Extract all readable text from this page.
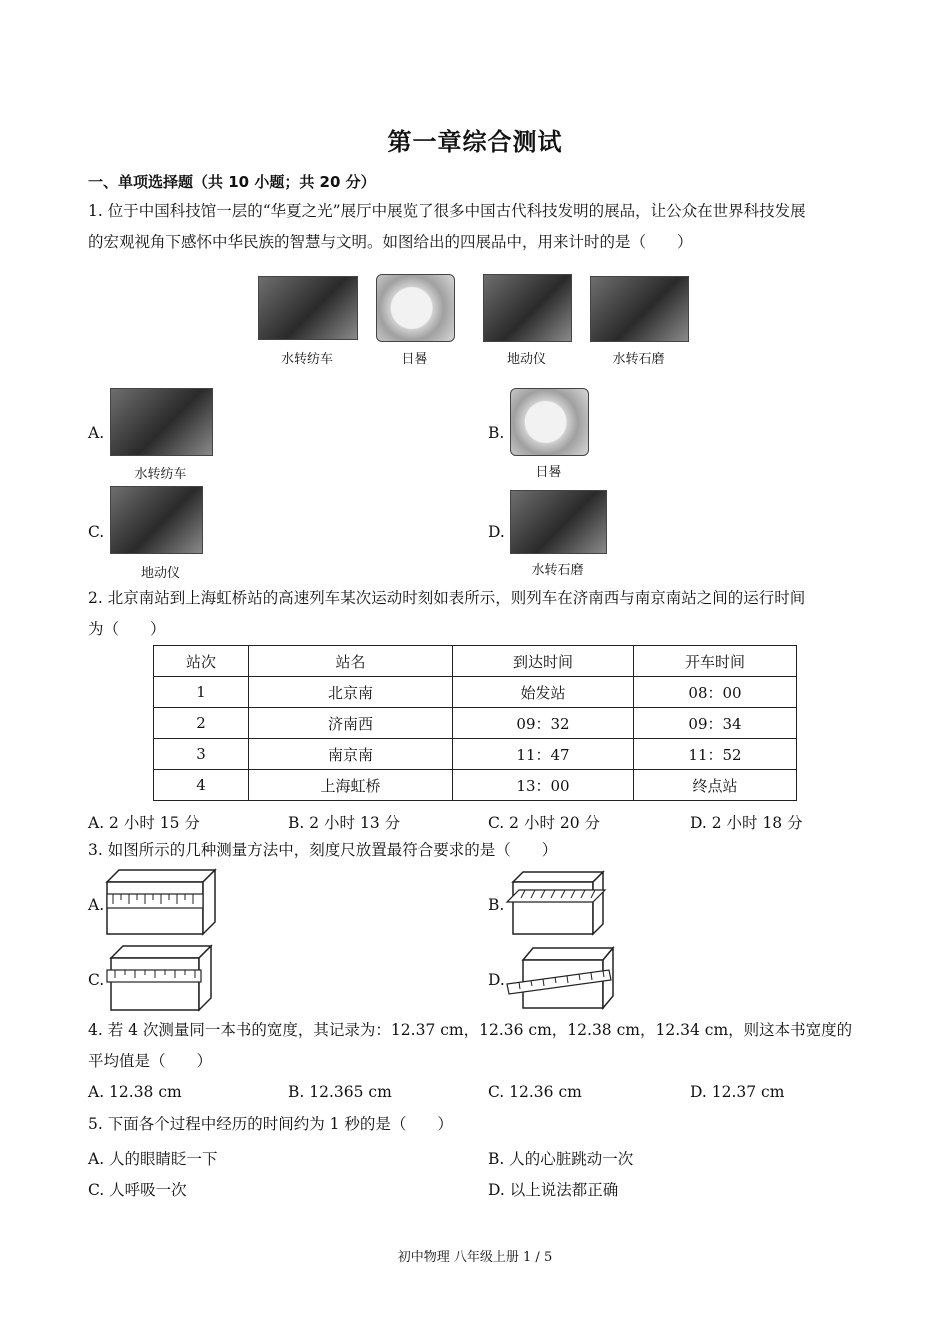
第一章综合测试
一、单项选择题（共 10 小题；共 20 分）
1. 位于中国科技馆一层的“华夏之光”展厅中展览了很多中国古代科技发明的展品，让公众在世界科技发展
的宏观视角下感怀中华民族的智慧与文明。如图给出的四展品中，用来计时的是（　　）
水转纺车	日晷	地动仪	水转石磨
A.
水转纺车
B.
日晷
C.
地动仪
D.
水转石磨
2. 北京南站到上海虹桥站的高速列车某次运动时刻如表所示，则列车在济南西与南京南站之间的运行时间
为（　　）
站次	站名	到达时间	开车时间
1	北京南	始发站	08：00
2	济南西	09：32	09：34
3	南京南	11：47	11：52
4	上海虹桥	13：00	终点站
A. 2 小时 15 分	B. 2 小时 13 分	C. 2 小时 20 分	D. 2 小时 18 分
3. 如图所示的几种测量方法中，刻度尺放置最符合要求的是（　　）
A.	B.
C.	D.
4. 若 4 次测量同一本书的宽度，其记录为：12.37 cm，12.36 cm，12.38 cm，12.34 cm，则这本书宽度的
平均值是（　　）
A. 12.38 cm	B. 12.365 cm	C. 12.36 cm	D. 12.37 cm
5. 下面各个过程中经历的时间约为 1 秒的是（　　）
A. 人的眼睛眨一下	B. 人的心脏跳动一次
C. 人呼吸一次	D. 以上说法都正确
初中物理 八年级上册 1 / 5
